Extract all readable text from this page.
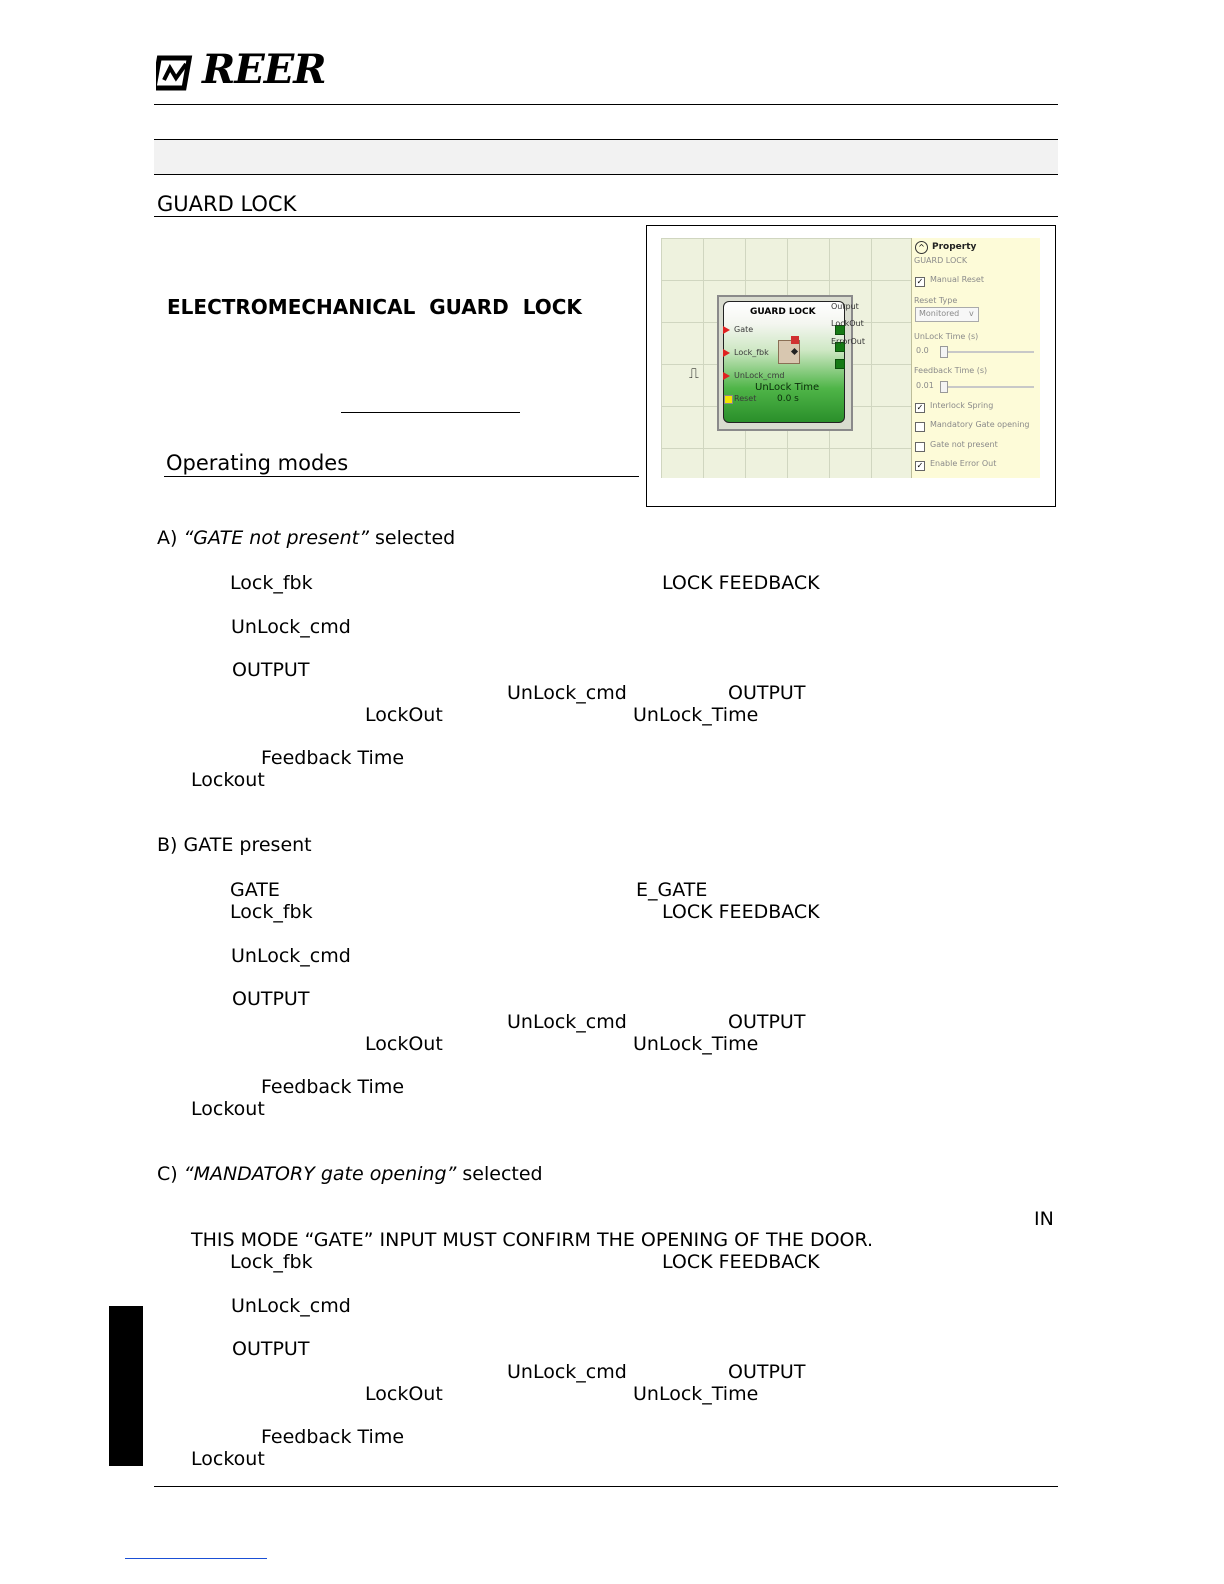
REER
GUARD LOCK
ELECTROMECHANICAL  GUARD  LOCK
Operating modes
⎍
GUARD LOCK
Gate
Lock_fbk
UnLock_cmd
Reset
UnLock Time
0.0 s
Output
LockOut
ErrorOut
^ Property
GUARD LOCK
✓ Manual Reset
Reset Type
Monitored v
UnLock Time (s)
0.0
Feedback Time (s)
0.01
✓ Interlock Spring
Mandatory Gate opening
Gate not present
✓ Enable Error Out
A) “GATE not present” selected
Lock_fbk	LOCK FEEDBACK
UnLock_cmd
OUTPUT
UnLock_cmd	OUTPUT
LockOut	UnLock_Time
Feedback Time
Lockout
B) GATE present
GATE	E_GATE
Lock_fbk	LOCK FEEDBACK
UnLock_cmd
OUTPUT
UnLock_cmd	OUTPUT
LockOut	UnLock_Time
Feedback Time
Lockout
C) “MANDATORY gate opening” selected
IN
THIS MODE “GATE” INPUT MUST CONFIRM THE OPENING OF THE DOOR.
Lock_fbk	LOCK FEEDBACK
UnLock_cmd
OUTPUT
UnLock_cmd	OUTPUT
LockOut	UnLock_Time
Feedback Time
Lockout
